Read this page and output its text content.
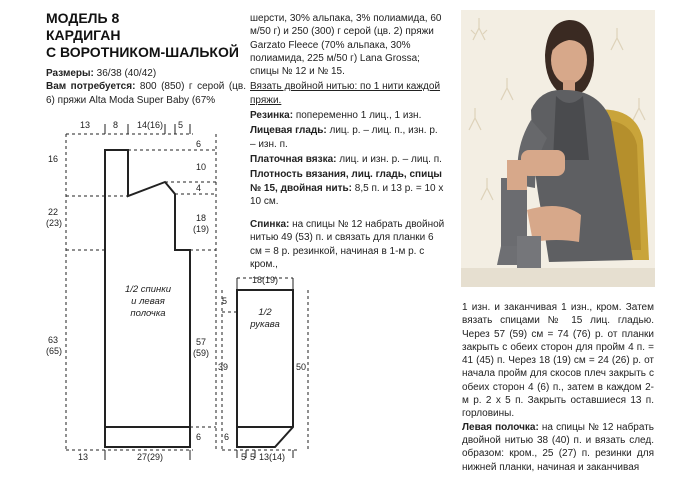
МОДЕЛЬ 8
КАРДИГАН
С ВОРОТНИКОМ-ШАЛЬКОЙ
Размеры: 36/38 (40/42)
Вам потребуется: 800 (850) г серой (цв. 6) пряжи Alta Moda Super Baby (67%

шерсти, 30% альпака, 3% полиамида, 60 м/50 г) и 250 (300) г серой (цв. 2) пряжи Garzato Fleece (70% альпака, 30% полиамида, 225 м/50 г) Lana Grossa; спицы № 12 и № 15.

Вязать двойной нитью: по 1 нити каждой пряжи.

Резинка: попеременно 1 лиц., 1 изн.

Лицевая гладь: лиц. р. – лиц. п., изн. р. – изн. п.

Платочная вязка: лиц. и изн. р. – лиц. п.

Плотность вязания, лиц. гладь, спицы № 15, двойная нить: 8,5 п. и 13 р. = 10 x 10 см.

Спинка: на спицы № 12 набрать двойной нитью 49 (53) п. и связать для планки 6 см = 8 р. резинкой, начиная в 1-м р. с кром.,

1 изн. и заканчивая 1 изн., кром. Затем вязать спицами № 15 лиц. гладью. Через 57 (59) см = 74 (76) р. от планки закрыть с обеих сторон для пройм 4 п. = 41 (45) п. Через 18 (19) см = 24 (26) р. от начала пройм для скосов плеч закрыть с обеих сторон 4 (6) п., затем в каждом 2-м р. 2 x 5 п. Закрыть оставшиеся 13 п. горловины.
Левая полочка: на спицы № 12 набрать двойной нитью 38 (40) п. и вязать след. образом: кром., 25 (27) п. резинки для нижней планки, начиная и заканчивая
1/2 спинки
и левая
полочка
13	8 14(16) 5
16
22
(23)
63
(65)
6
10
4
18
(19)
57
(59)
6
13	27(29)
1/2
рукава
18(19)
5
39
6
50
5 5 13(14)
